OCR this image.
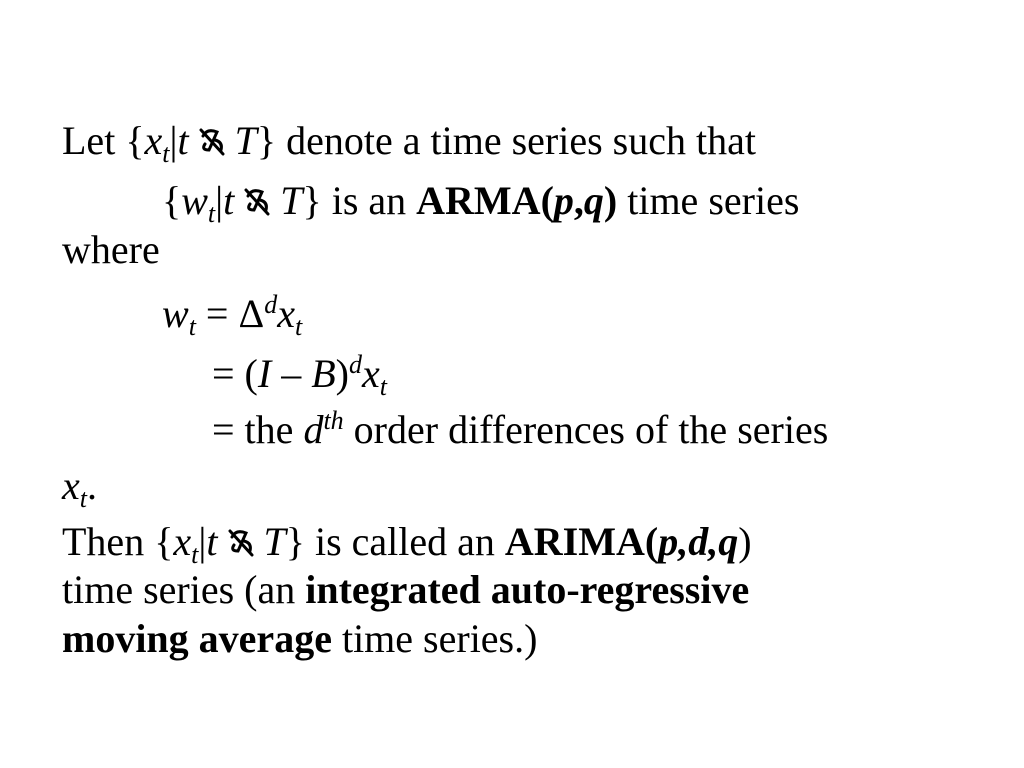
Let {$x_t|t$ T} denote a time series such that
{$w_t|t$ T} is an ARMA(p,q) time series
where
$w_t = \Delta^dx_t$
= $(I - B)^dx_t$
= the $d^{th}$ order differences of the series
$x_t$.
Then {$x_t|t$ T} is called an ARIMA(p,d,q)
time series (an integrated auto-regressive
moving average time series.)
